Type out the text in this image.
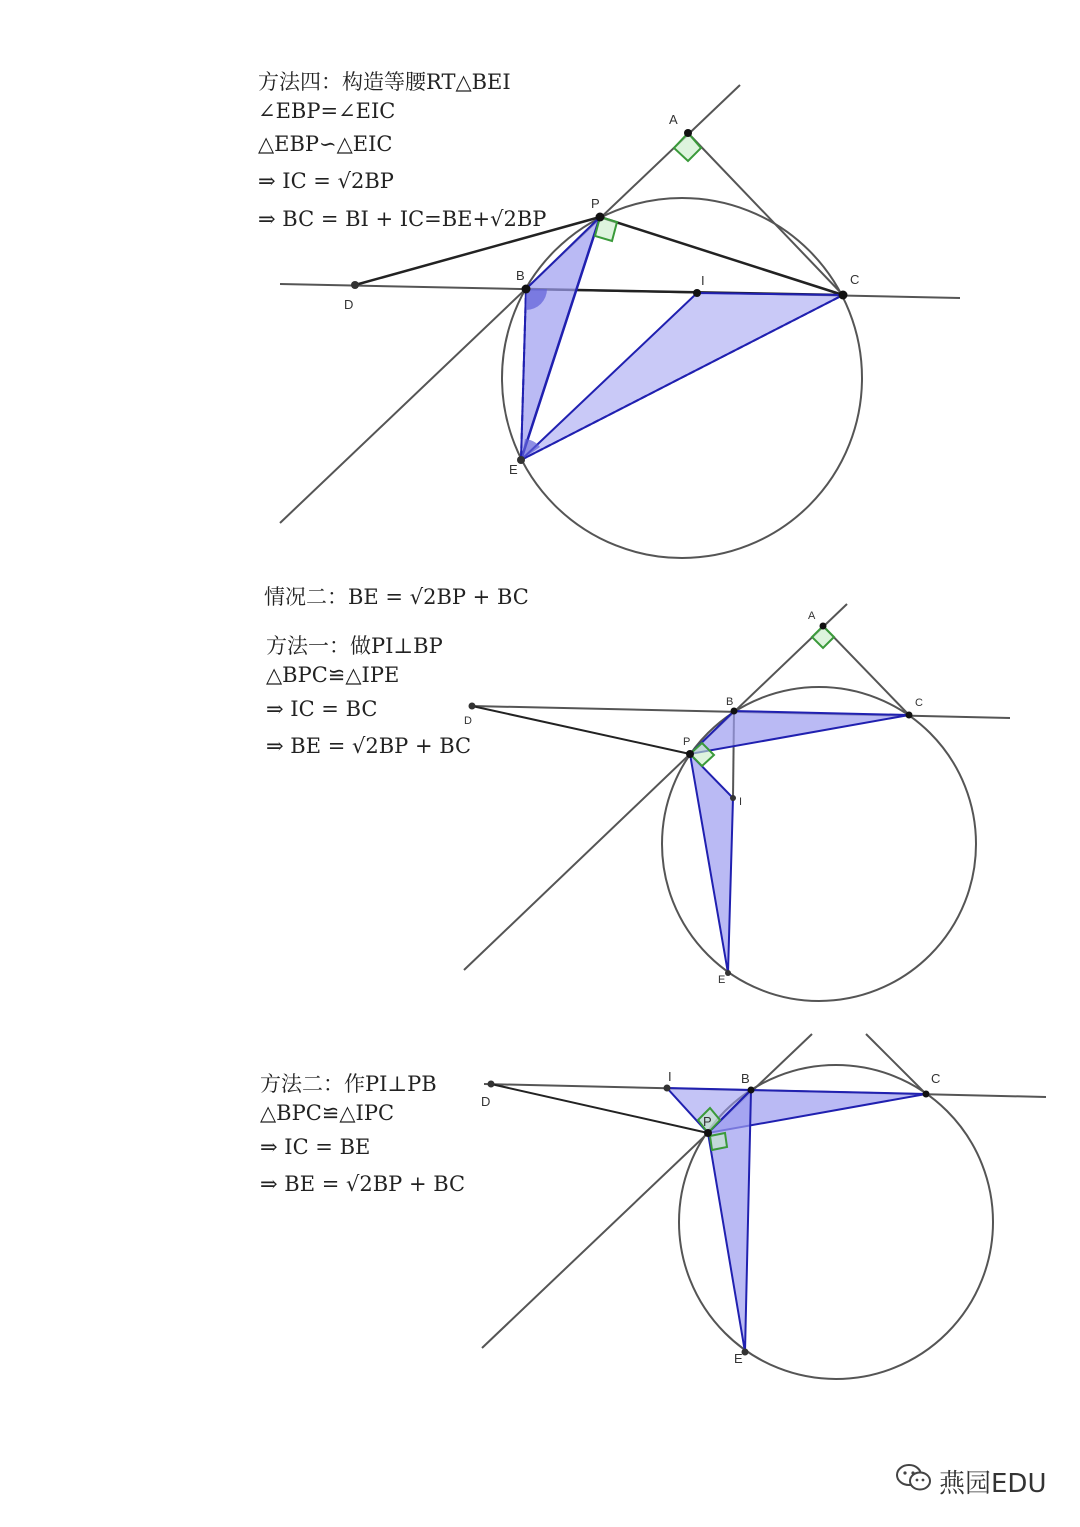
方法四：构造等腰RT△BEI
∠EBP=∠EIC
△EBP∽△EIC
⇒ IC = √2BP
⇒ BC = BI + IC=BE+√2BP
情况二：BE = √2BP + BC
方法一：做PI⊥BP
△BPC≌△IPE
⇒ IC = BC
⇒ BE = √2BP + BC
方法二：作PI⊥PB
△BPC≌△IPC
⇒ IC = BE
⇒ BE = √2BP + BC
A
P
B	I	C
D
E
A
B	C
D
P
I
E
I	B	C
D
P
E
燕园EDU
